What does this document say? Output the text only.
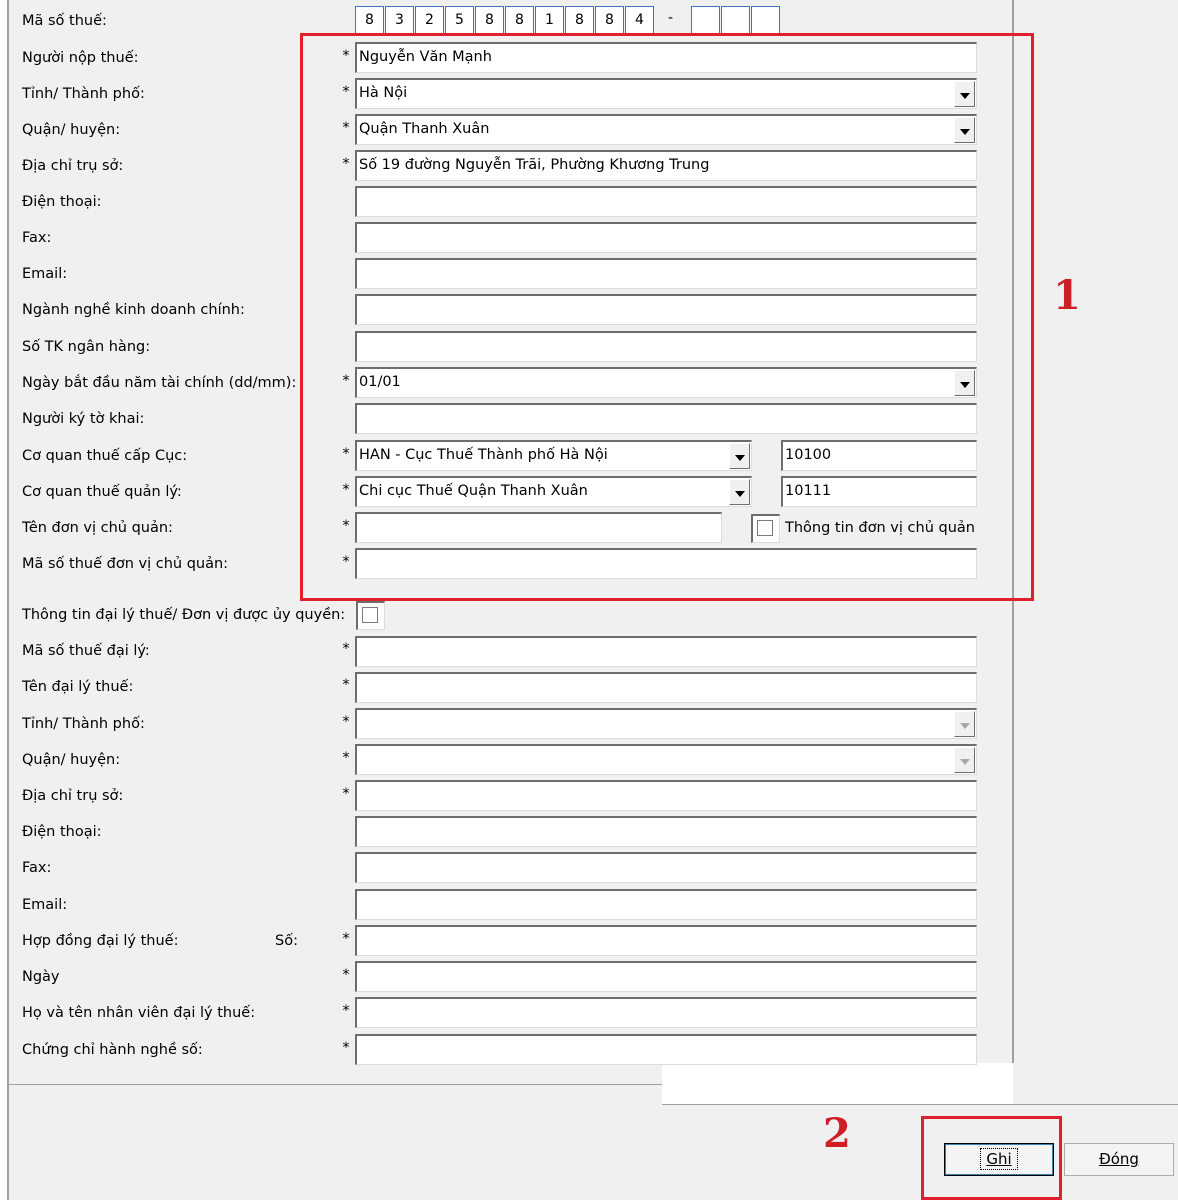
Mã số thuế:	8	3	2	5	8	8	1	8	8	4	-
Người nộp thuế:	* Nguyễn Văn Mạnh
Tỉnh/ Thành phố:	* Hà Nội
Quận/ huyện:	* Quận Thanh Xuân
Địa chỉ trụ sở:	* Số 19 đường Nguyễn Trãi, Phường Khương Trung
Điện thoại:
Fax:
Email:
Ngành nghề kinh doanh chính:
Số TK ngân hàng:
Ngày bắt đầu năm tài chính (dd/mm):	* 01/01
Người ký tờ khai:
Cơ quan thuế cấp Cục:	* HAN - Cục Thuế Thành phố Hà Nội	10100
Cơ quan thuế quản lý:	* Chi cục Thuế Quận Thanh Xuân	10111
Tên đơn vị chủ quản:	*	Thông tin đơn vị chủ quản
Mã số thuế đơn vị chủ quản:	*
Thông tin đại lý thuế/ Đơn vị được ủy quyền:
Mã số thuế đại lý:	*
Tên đại lý thuế:	*
Tỉnh/ Thành phố:	*
Quận/ huyện:	*
Địa chỉ trụ sở:	*
Điện thoại:
Fax:
Email:
Hợp đồng đại lý thuế:	Số:	*
Ngày	*
Họ và tên nhân viên đại lý thuế:	*
Chứng chỉ hành nghề số:	*
Ghi	Đóng
1
2
